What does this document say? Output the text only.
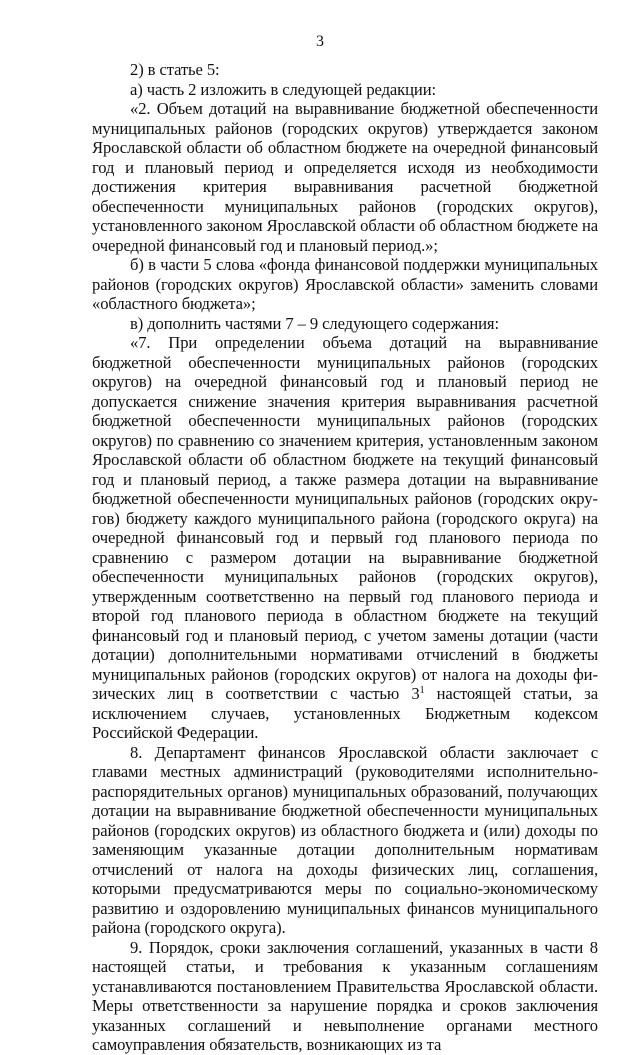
3

2) в статье 5:

а) часть 2 изложить в следующей редакции:

«2. Объем дотаций на выравнивание бюджетной обеспеченности муниципальных районов (городских округов) утверждается законом Ярославской области об областном бюджете на очередной финансовый год и плановый период и определяется исходя из необходимости достижения критерия выравнивания расчетной бюджетной обеспеченности муниципальных районов (городских округов), установленного законом Ярославской области об областном бюджете на очередной финансовый год и плановый период.»;

б) в части 5 слова «фонда финансовой поддержки муниципальных районов (городских округов) Ярославской области» заменить словами «областного бюджета»;

в) дополнить частями 7 – 9 следующего содержания:

«7. При определении объема дотаций на выравнивание бюджетной обеспеченности муниципальных районов (городских округов) на очередной финансовый год и плановый период не допускается снижение значения критерия выравнивания расчетной бюджетной обеспеченности муниципальных районов (городских округов) по сравнению со значением критерия, установленным законом Ярославской области об областном бюджете на текущий финансовый год и плановый период, а также размера дотации на выравнивание бюджетной обеспеченности муниципальных районов (городских округов) бюджету каждого муниципального района (городского округа) на очередной финансовый год и первый год планового периода по сравнению с размером дотации на выравнивание бюджетной обеспеченности муниципальных районов (городских округов), утвержденным соответственно на первый год планового периода и второй год планового периода в областном бюджете на текущий финансовый год и плановый период, с учетом замены дотации (части дотации) дополнительными нормативами отчислений в бюджеты муниципальных районов (городских округов) от налога на доходы физических лиц в соответствии с частью $3^1$ настоящей статьи, за исключением случаев, установленных Бюджетным кодексом Российской Федерации.

8. Департамент финансов Ярославской области заключает с главами местных администраций (руководителями исполнительно-распорядительных органов) муниципальных образований, получающих дотации на выравнивание бюджетной обеспеченности муниципальных районов (городских округов) из областного бюджета и (или) доходы по заменяющим указанные дотации дополнительным нормативам отчислений от налога на доходы физических лиц, соглашения, которыми предусматриваются меры по социально-экономическому развитию и оздоровлению муниципальных финансов муниципального района (городского округа).

9. Порядок, сроки заключения соглашений, указанных в части 8 настоящей статьи, и требования к указанным соглашениям устанавливаются постановлением Правительства Ярославской области. Меры ответственности за нарушение порядка и сроков заключения указанных соглашений и невыполнение органами местного самоуправления обязательств, возникающих из та
